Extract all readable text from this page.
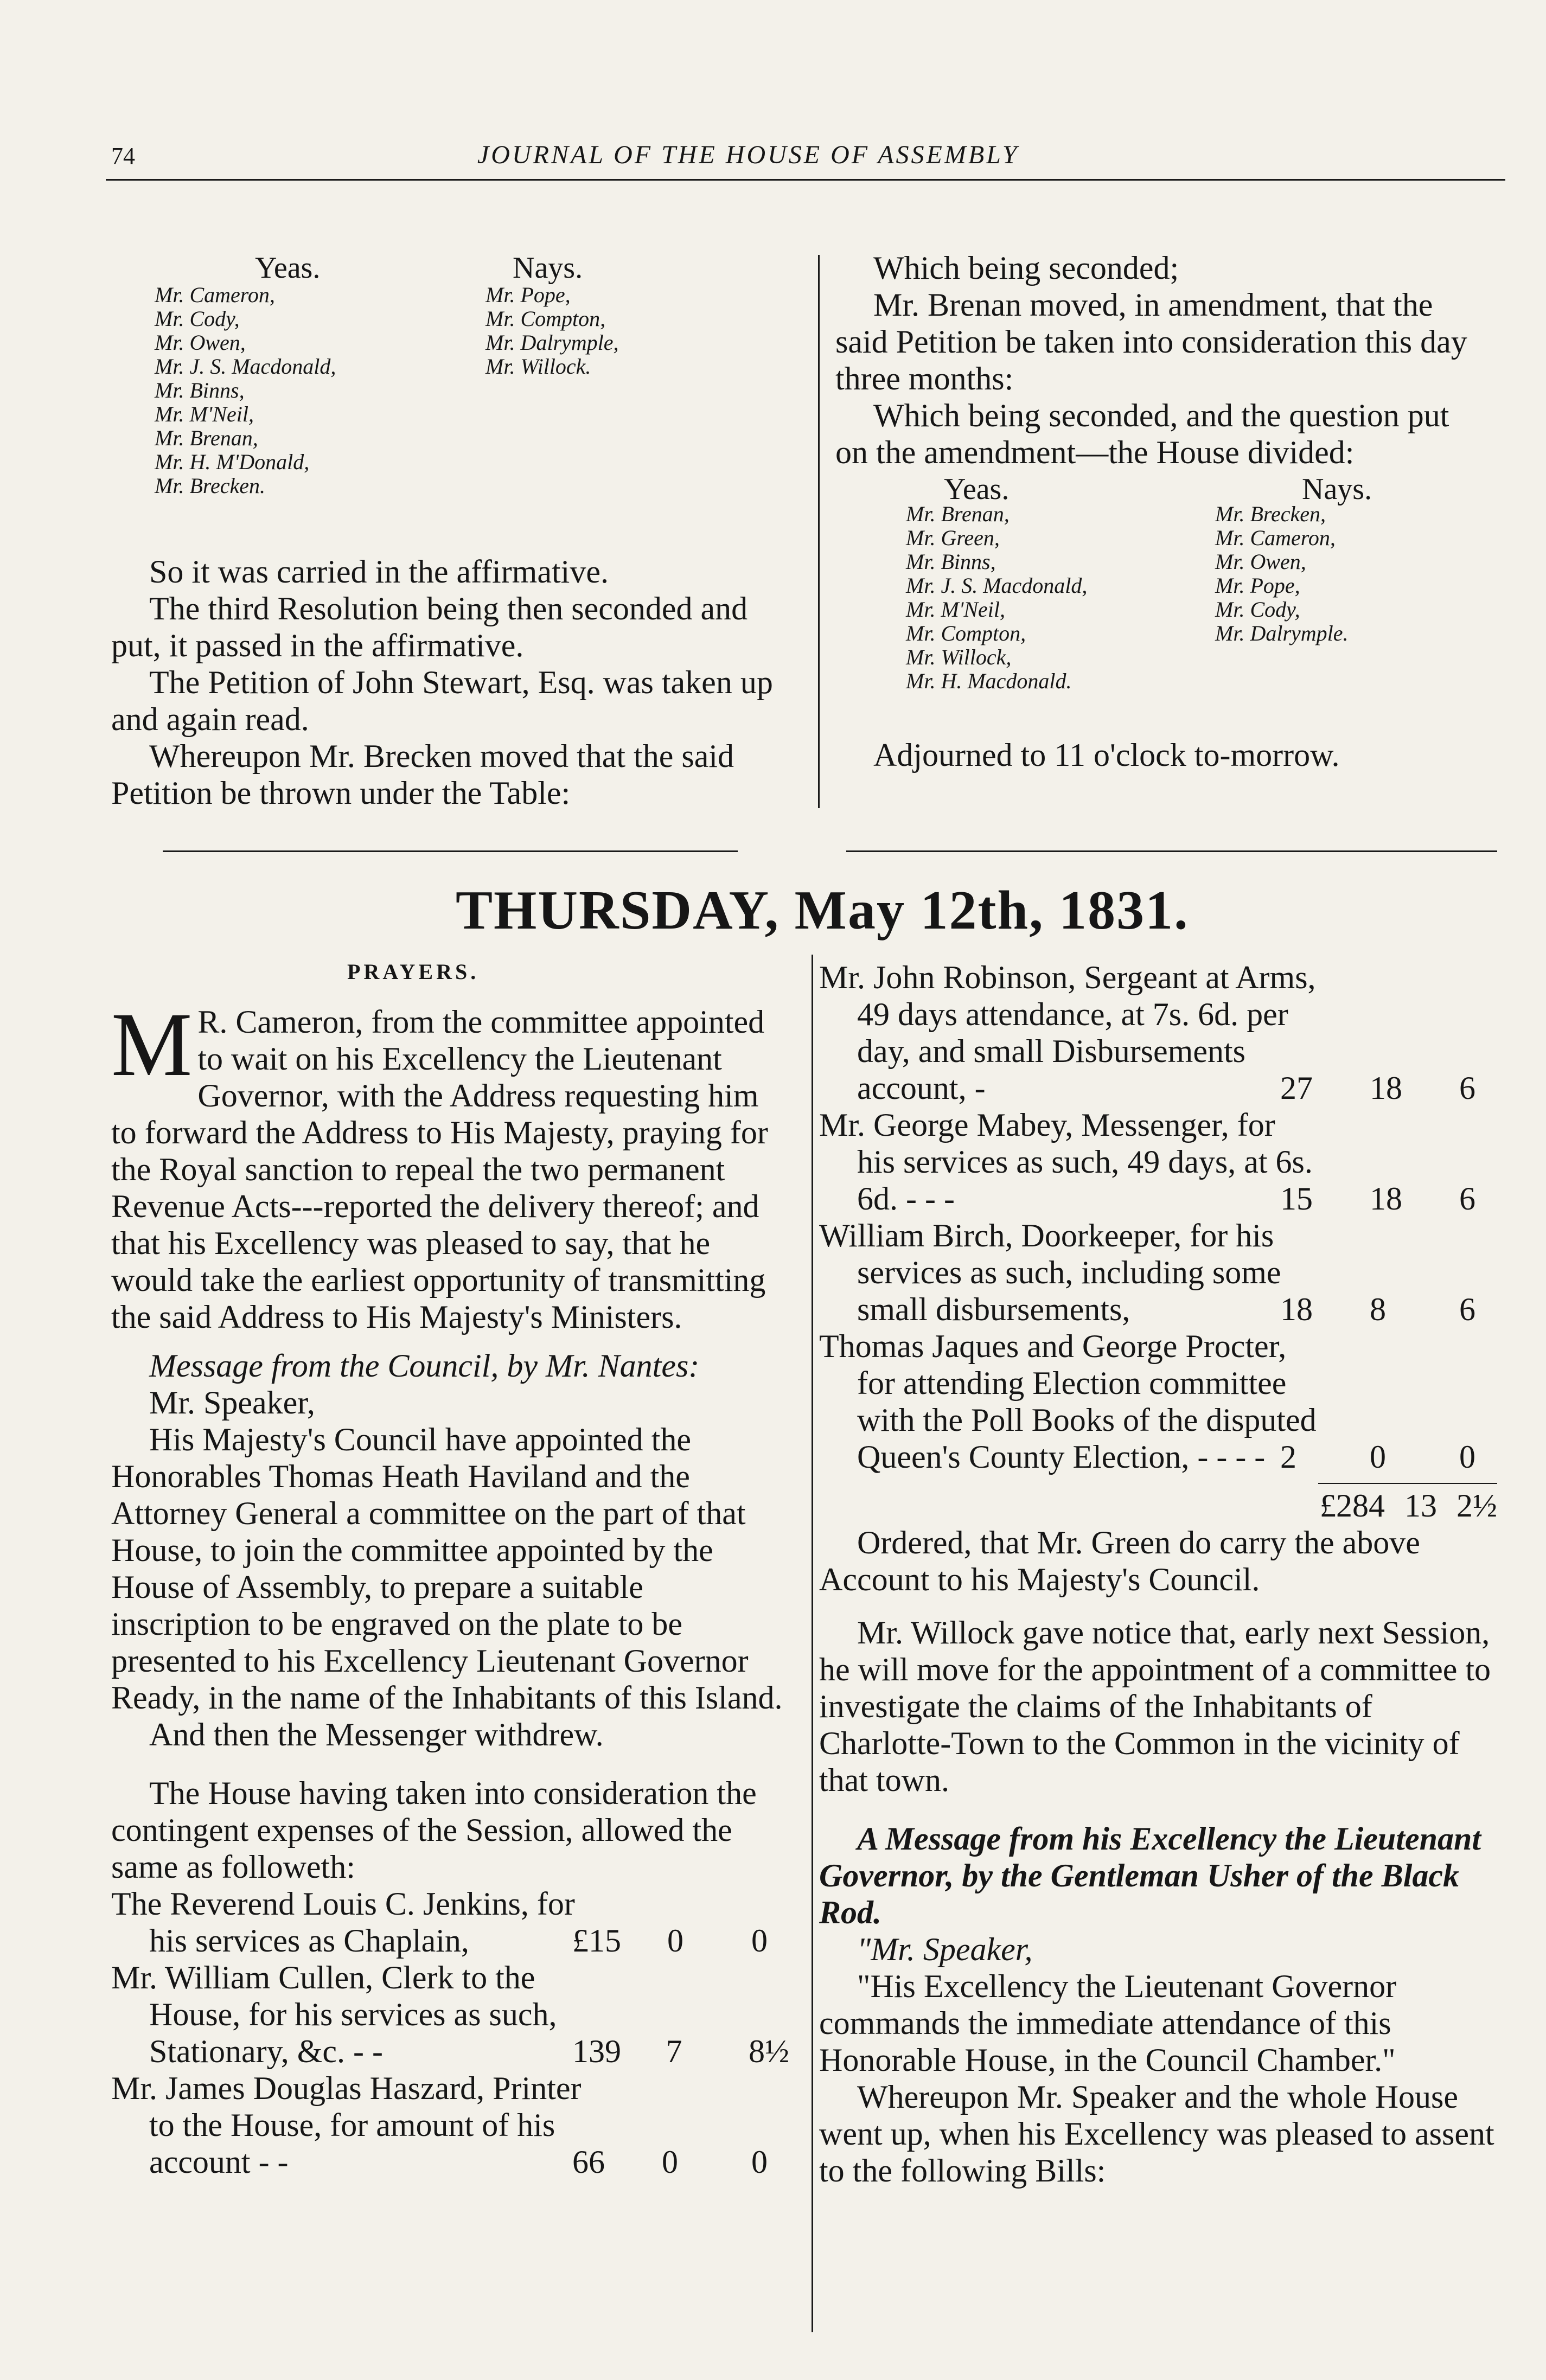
74	JOURNAL OF THE HOUSE OF ASSEMBLY
Yeas.	Nays.
Mr. Cameron,
Mr. Cody,
Mr. Owen,
Mr. J. S. Macdonald,
Mr. Binns,
Mr. M'Neil,
Mr. Brenan,
Mr. H. M'Donald,
Mr. Brecken.
Mr. Pope,
Mr. Compton,
Mr. Dalrymple,
Mr. Willock.

So it was carried in the affirmative.

The third Resolution being then seconded and put, it passed in the affirmative.

The Petition of John Stewart, Esq. was taken up and again read.

Whereupon Mr. Brecken moved that the said Petition be thrown under the Table:

Which being seconded;

Mr. Brenan moved, in amendment, that the said Petition be taken into consideration this day three months:

Which being seconded, and the question put on the amendment—the House divided:

Yeas.	Nays.
Mr. Brenan,
Mr. Green,
Mr. Binns,
Mr. J. S. Macdonald,
Mr. M'Neil,
Mr. Compton,
Mr. Willock,
Mr. H. Macdonald.
Mr. Brecken,
Mr. Cameron,
Mr. Owen,
Mr. Pope,
Mr. Cody,
Mr. Dalrymple.

Adjourned to 11 o'clock to-morrow.

THURSDAY, May 12th, 1831.
PRAYERS.

M R. Cameron, from the committee appointed to wait on his Excellency the Lieutenant Governor, with the Address requesting him to forward the Address to His Majesty, praying for the Royal sanction to repeal the two permanent Revenue Acts---reported the delivery thereof; and that his Excellency was pleased to say, that he would take the earliest opportunity of transmitting the said Address to His Majesty's Ministers.

Message from the Council, by Mr. Nantes:

Mr. Speaker,

His Majesty's Council have appointed the Honorables Thomas Heath Haviland and the Attorney General a committee on the part of that House, to join the committee appointed by the House of Assembly, to prepare a suitable inscription to be engraved on the plate to be presented to his Excellency Lieutenant Governor Ready, in the name of the Inhabitants of this Island.

And then the Messenger withdrew.

The House having taken into consideration the contingent expenses of the Session, allowed the same as followeth:

The Reverend Louis C. Jenkins, for his services as Chaplain,	£15 0	0
Mr. William Cullen, Clerk to the House, for his services as such, Stationary, &c. - -	139 7	8½
Mr. James Douglas Haszard, Printer to the House, for amount of his account - -	66 0	0
Mr. John Robinson, Sergeant at Arms, 49 days attendance, at 7s. 6d. per day, and small Disbursements account, -	27 18 6
Mr. George Mabey, Messenger, for his services as such, 49 days, at 6s. 6d. - - -	15 18 6
William Birch, Doorkeeper, for his services as such, including some small disbursements,	18 8	6
Thomas Jaques and George Procter, for attending Election committee with the Poll Books of the disputed Queen's County Election, - - - - 2	0	0
£284 13 2½

Ordered, that Mr. Green do carry the above Account to his Majesty's Council.

Mr. Willock gave notice that, early next Session, he will move for the appointment of a committee to investigate the claims of the Inhabitants of Charlotte-Town to the Common in the vicinity of that town.

A Message from his Excellency the Lieutenant Governor, by the Gentleman Usher of the Black Rod.

"Mr. Speaker,

"His Excellency the Lieutenant Governor commands the immediate attendance of this Honorable House, in the Council Chamber."

Whereupon Mr. Speaker and the whole House went up, when his Excellency was pleased to assent to the following Bills:
